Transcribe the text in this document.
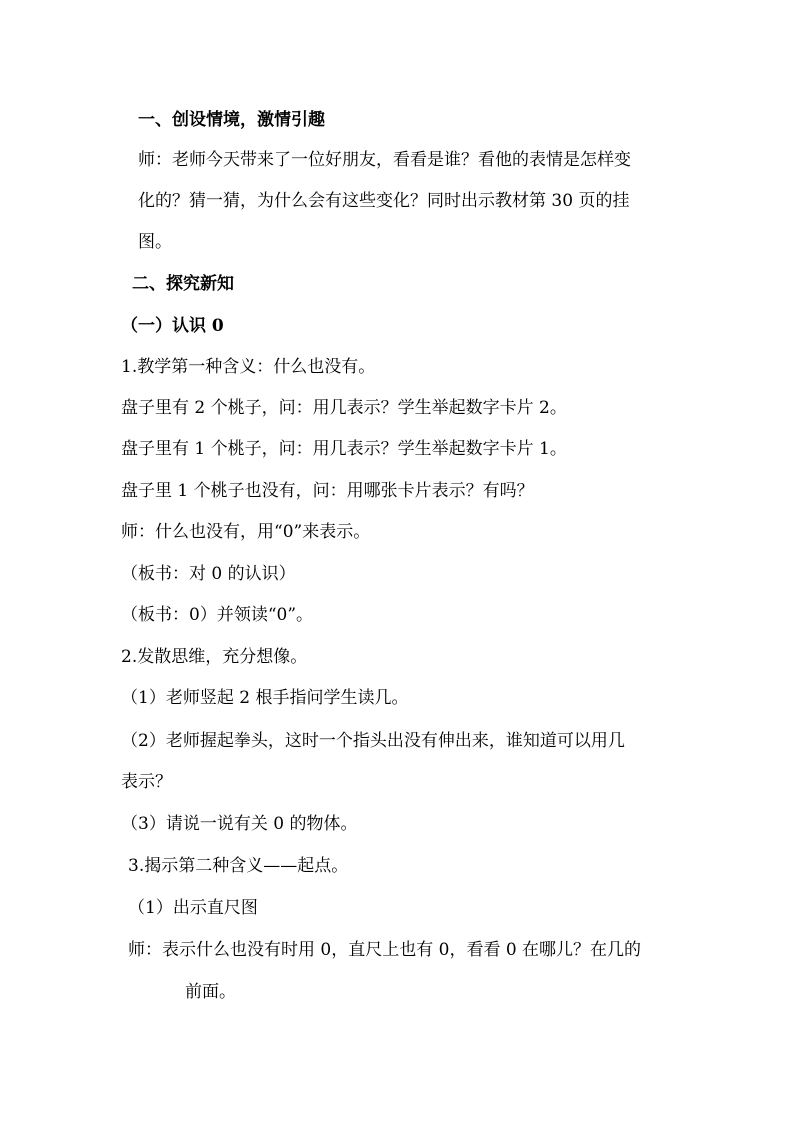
一、创设情境，激情引趣
师：老师今天带来了一位好朋友，看看是谁？看他的表情是怎样变
化的？猜一猜，为什么会有这些变化？同时出示教材第 30 页的挂
图。
二、探究新知
（一）认识 0
1.教学第一种含义：什么也没有。
盘子里有 2 个桃子，问：用几表示？学生举起数字卡片 2。
盘子里有 1 个桃子，问：用几表示？学生举起数字卡片 1。
盘子里 1 个桃子也没有，问：用哪张卡片表示？有吗？
师：什么也没有，用“0”来表示。
（板书：对 0 的认识）
（板书：0）并领读“0”。
2.发散思维，充分想像。
（1）老师竖起 2 根手指问学生读几。
（2）老师握起拳头，这时一个指头出没有伸出来，谁知道可以用几
表示？
（3）请说一说有关 0 的物体。
3.揭示第二种含义——起点。
（1）出示直尺图
师：表示什么也没有时用 0，直尺上也有 0，看看 0 在哪儿？在几的
前面。
